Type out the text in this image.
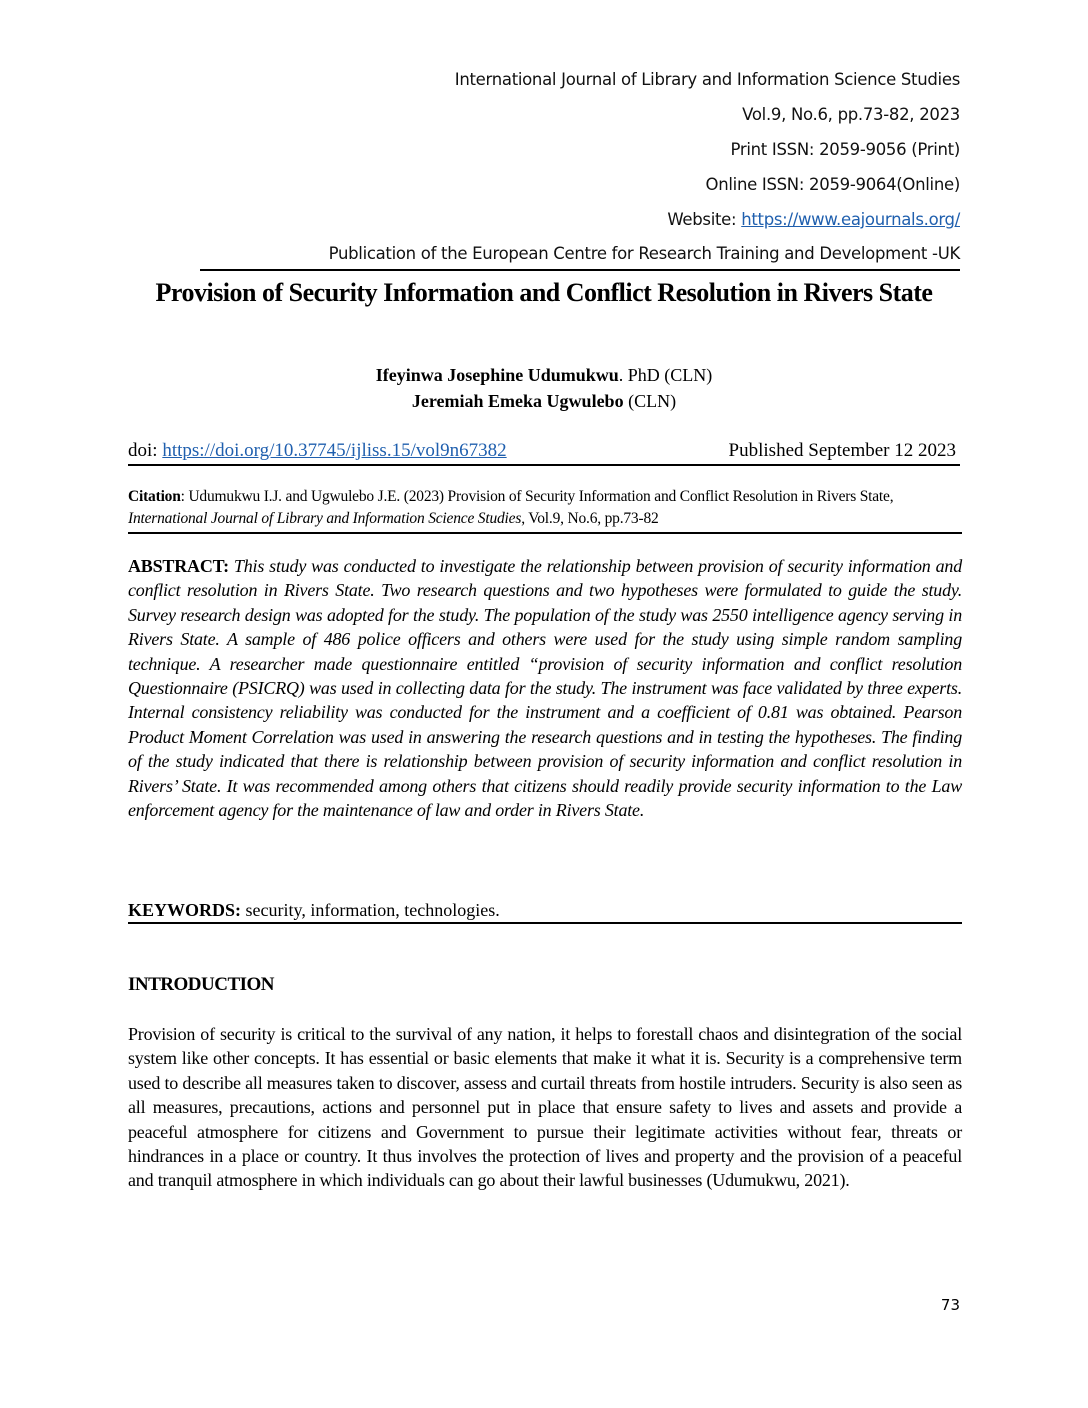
International Journal of Library and Information Science Studies
Vol.9, No.6, pp.73-82, 2023
Print ISSN: 2059-9056 (Print)
Online ISSN: 2059-9064(Online)
Website: https://www.eajournals.org/
Publication of the European Centre for Research Training and Development -UK
Provision of Security Information and Conflict Resolution in Rivers State
Ifeyinwa Josephine Udumukwu. PhD (CLN)
Jeremiah Emeka Ugwulebo (CLN)
doi: https://doi.org/10.37745/ijliss.15/vol9n67382	Published September 12 2023
Citation: Udumukwu I.J. and Ugwulebo J.E. (2023) Provision of Security Information and Conflict Resolution in Rivers State, International Journal of Library and Information Science Studies, Vol.9, No.6, pp.73-82
ABSTRACT: This study was conducted to investigate the relationship between provision of security information and conflict resolution in Rivers State. Two research questions and two hypotheses were formulated to guide the study. Survey research design was adopted for the study. The population of the study was 2550 intelligence agency serving in Rivers State. A sample of 486 police officers and others were used for the study using simple random sampling technique. A researcher made questionnaire entitled “provision of security information and conflict resolution Questionnaire (PSICRQ) was used in collecting data for the study. The instrument was face validated by three experts. Internal consistency reliability was conducted for the instrument and a coefficient of 0.81 was obtained. Pearson Product Moment Correlation was used in answering the research questions and in testing the hypotheses. The finding of the study indicated that there is relationship between provision of security information and conflict resolution in Rivers’ State. It was recommended among others that citizens should readily provide security information to the Law enforcement agency for the maintenance of law and order in Rivers State.
KEYWORDS: security, information, technologies.
INTRODUCTION
Provision of security is critical to the survival of any nation, it helps to forestall chaos and disintegration of the social system like other concepts. It has essential or basic elements that make it what it is. Security is a comprehensive term used to describe all measures taken to discover, assess and curtail threats from hostile intruders. Security is also seen as all measures, precautions, actions and personnel put in place that ensure safety to lives and assets and provide a peaceful atmosphere for citizens and Government to pursue their legitimate activities without fear, threats or hindrances in a place or country. It thus involves the protection of lives and property and the provision of a peaceful and tranquil atmosphere in which individuals can go about their lawful businesses (Udumukwu, 2021).
73
